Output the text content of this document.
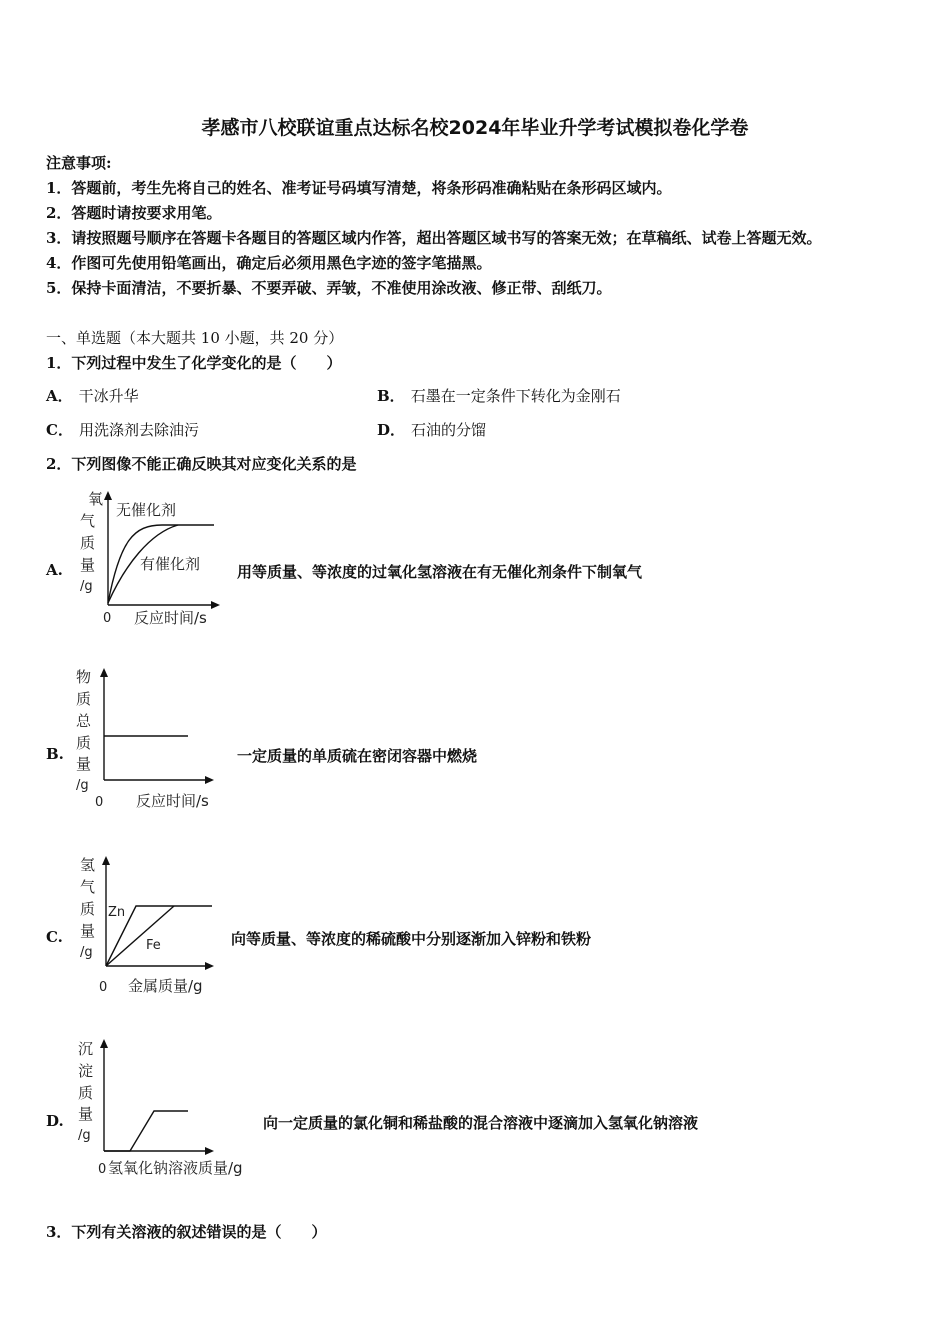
孝感市八校联谊重点达标名校2024年毕业升学考试模拟卷化学卷
注意事项:
1．答题前，考生先将自己的姓名、准考证号码填写清楚，将条形码准确粘贴在条形码区域内。
2．答题时请按要求用笔。
3．请按照题号顺序在答题卡各题目的答题区域内作答，超出答题区域书写的答案无效；在草稿纸、试卷上答题无效。
4．作图可先使用铅笔画出，确定后必须用黑色字迹的签字笔描黑。
5．保持卡面清洁，不要折暴、不要弄破、弄皱，不准使用涂改液、修正带、刮纸刀。
一、单选题（本大题共 10 小题，共 20 分）
1．下列过程中发生了化学变化的是（　　）
A． 干冰升华	B． 石墨在一定条件下转化为金刚石
C． 用洗涤剂去除油污	D． 石油的分馏
2．下列图像不能正确反映其对应变化关系的是
A.
氧
气
质
量
/g
无催化剂
有催化剂
0 反应时间/s
用等质量、等浓度的过氧化氢溶液在有无催化剂条件下制氧气
B.
物
质
总
质
量
/g
0 反应时间/s
一定质量的单质硫在密闭容器中燃烧
C.
氢
气
质
量
/g
Zn
Fe
0 金属质量/g
向等质量、等浓度的稀硫酸中分别逐渐加入锌粉和铁粉
D.
沉
淀
质
量
/g
0 氢氧化钠溶液质量/g
向一定质量的氯化铜和稀盐酸的混合溶液中逐滴加入氢氧化钠溶液
3．下列有关溶液的叙述错误的是（　　）
